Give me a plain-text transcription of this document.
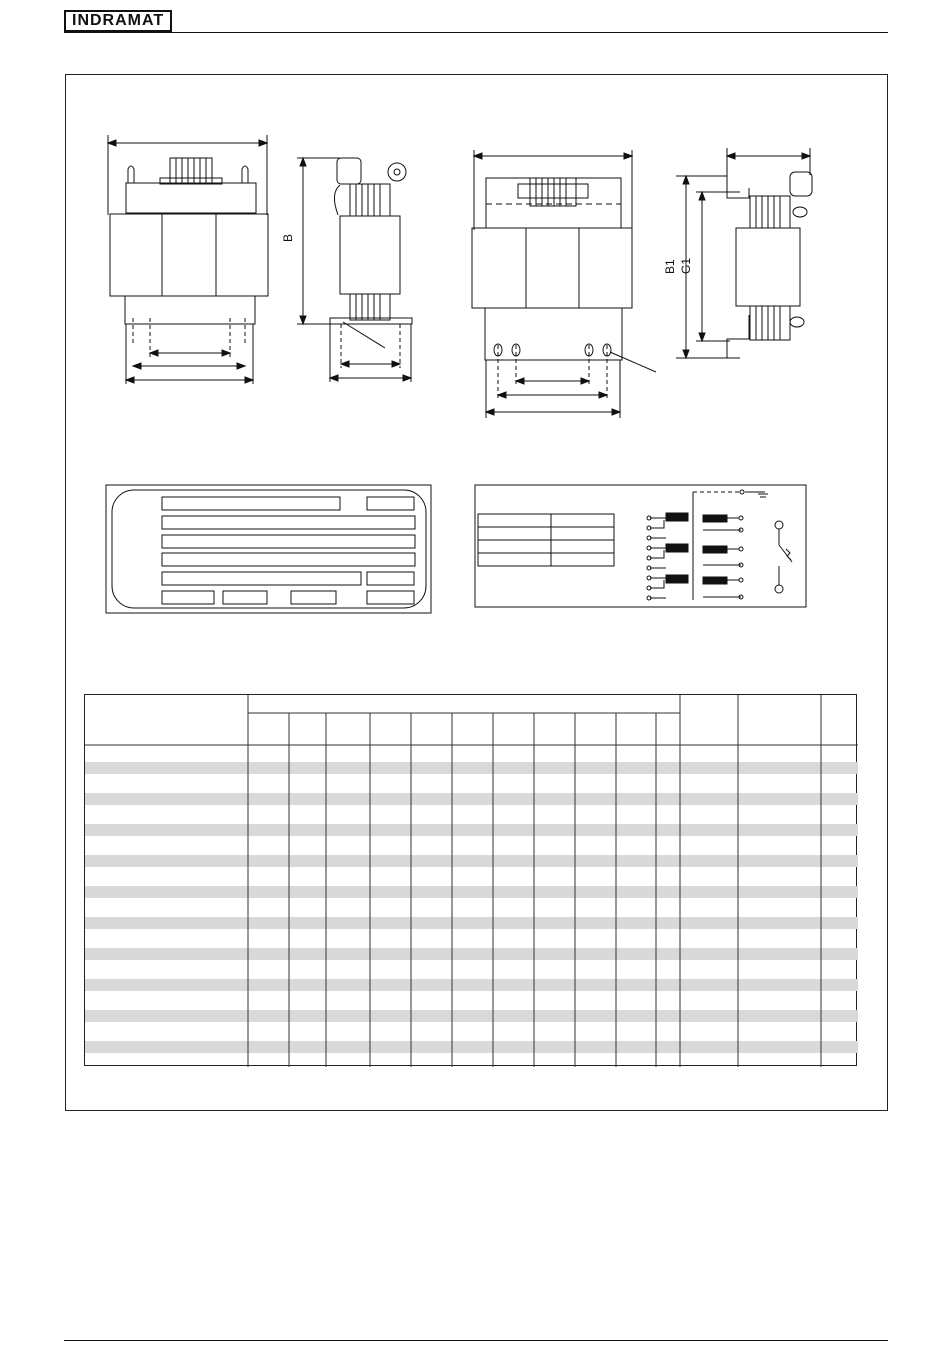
INDRAMAT
B
B1 G1
